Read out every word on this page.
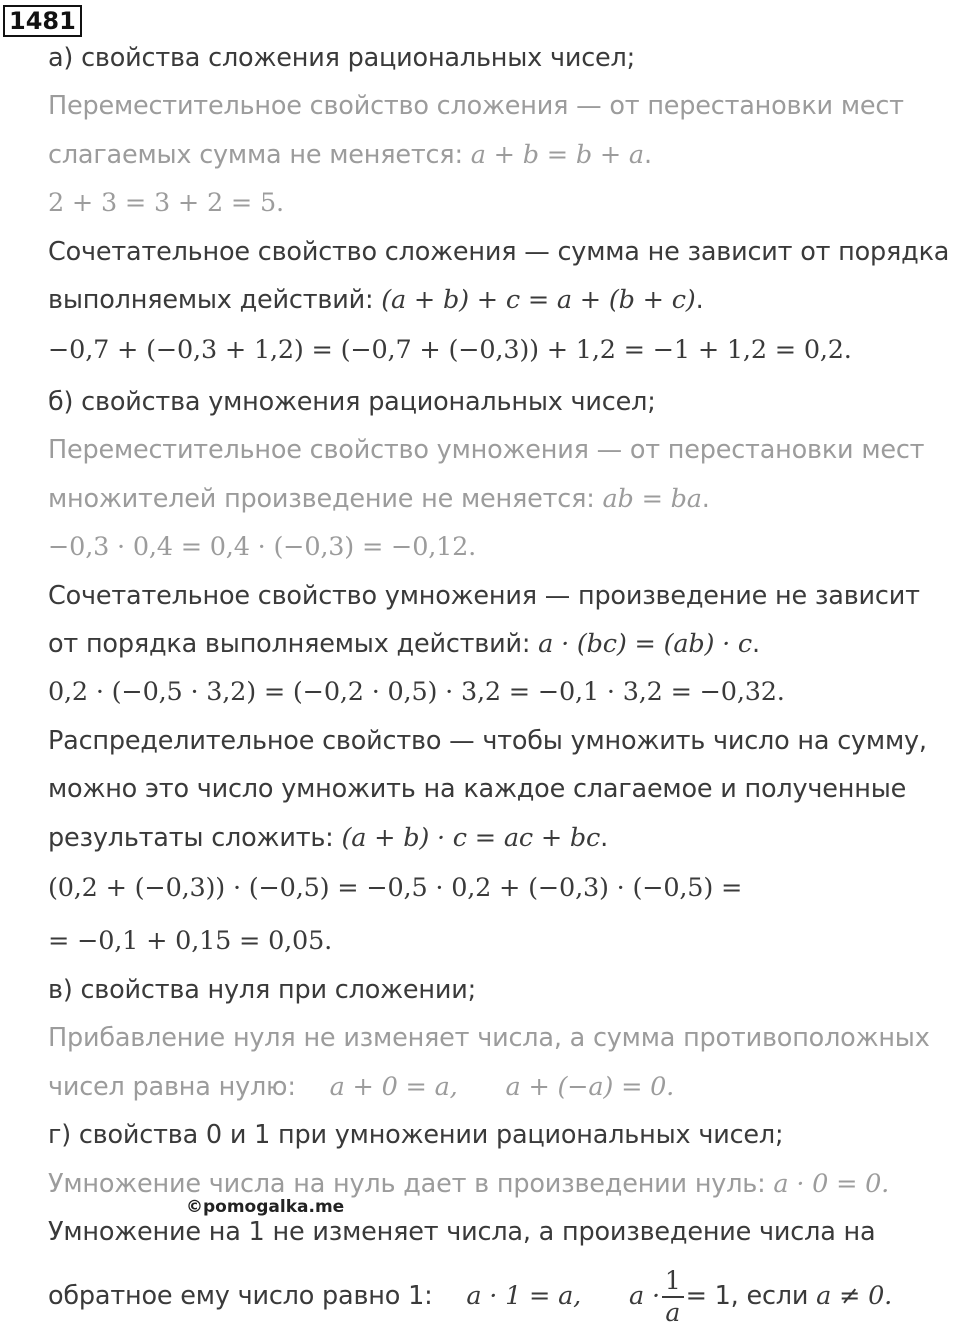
1481
а) свойства сложения рациональных чисел;
Переместительное свойство сложения — от перестановки мест
слагаемых сумма не меняется: a + b = b + a.
2 + 3 = 3 + 2 = 5.
Сочетательное свойство сложения — сумма не зависит от порядка
выполняемых действий: (a + b) + c = a + (b + c).
−0,7 + (−0,3 + 1,2) = (−0,7 + (−0,3)) + 1,2 = −1 + 1,2 = 0,2.
б) свойства умножения рациональных чисел;
Переместительное свойство умножения — от перестановки мест
множителей произведение не меняется: ab = ba.
−0,3 · 0,4 = 0,4 · (−0,3) = −0,12.
Сочетательное свойство умножения — произведение не зависит
от порядка выполняемых действий: a · (bc) = (ab) · c.
0,2 · (−0,5 · 3,2) = (−0,2 · 0,5) · 3,2 = −0,1 · 3,2 = −0,32.
Распределительное свойство — чтобы умножить число на сумму,
можно это число умножить на каждое слагаемое и полученные
результаты сложить: (a + b) · c = ac + bc.
(0,2 + (−0,3)) · (−0,5) = −0,5 · 0,2 + (−0,3) · (−0,5) =
= −0,1 + 0,15 = 0,05.
в) свойства нуля при сложении;
Прибавление нуля не изменяет числа, а сумма противоположных
чисел равна нулю: a + 0 = a, a + (−a) = 0.
г) свойства 0 и 1 при умножении рациональных чисел;
Умножение числа на нуль дает в произведении нуль: a · 0 = 0.
©pomogalka.me
Умножение на 1 не изменяет числа, а произведение числа на
обратное ему число равно 1: a · 1 = a, $a \cdot \frac{1}{a} = 1$, если a ≠ 0.
